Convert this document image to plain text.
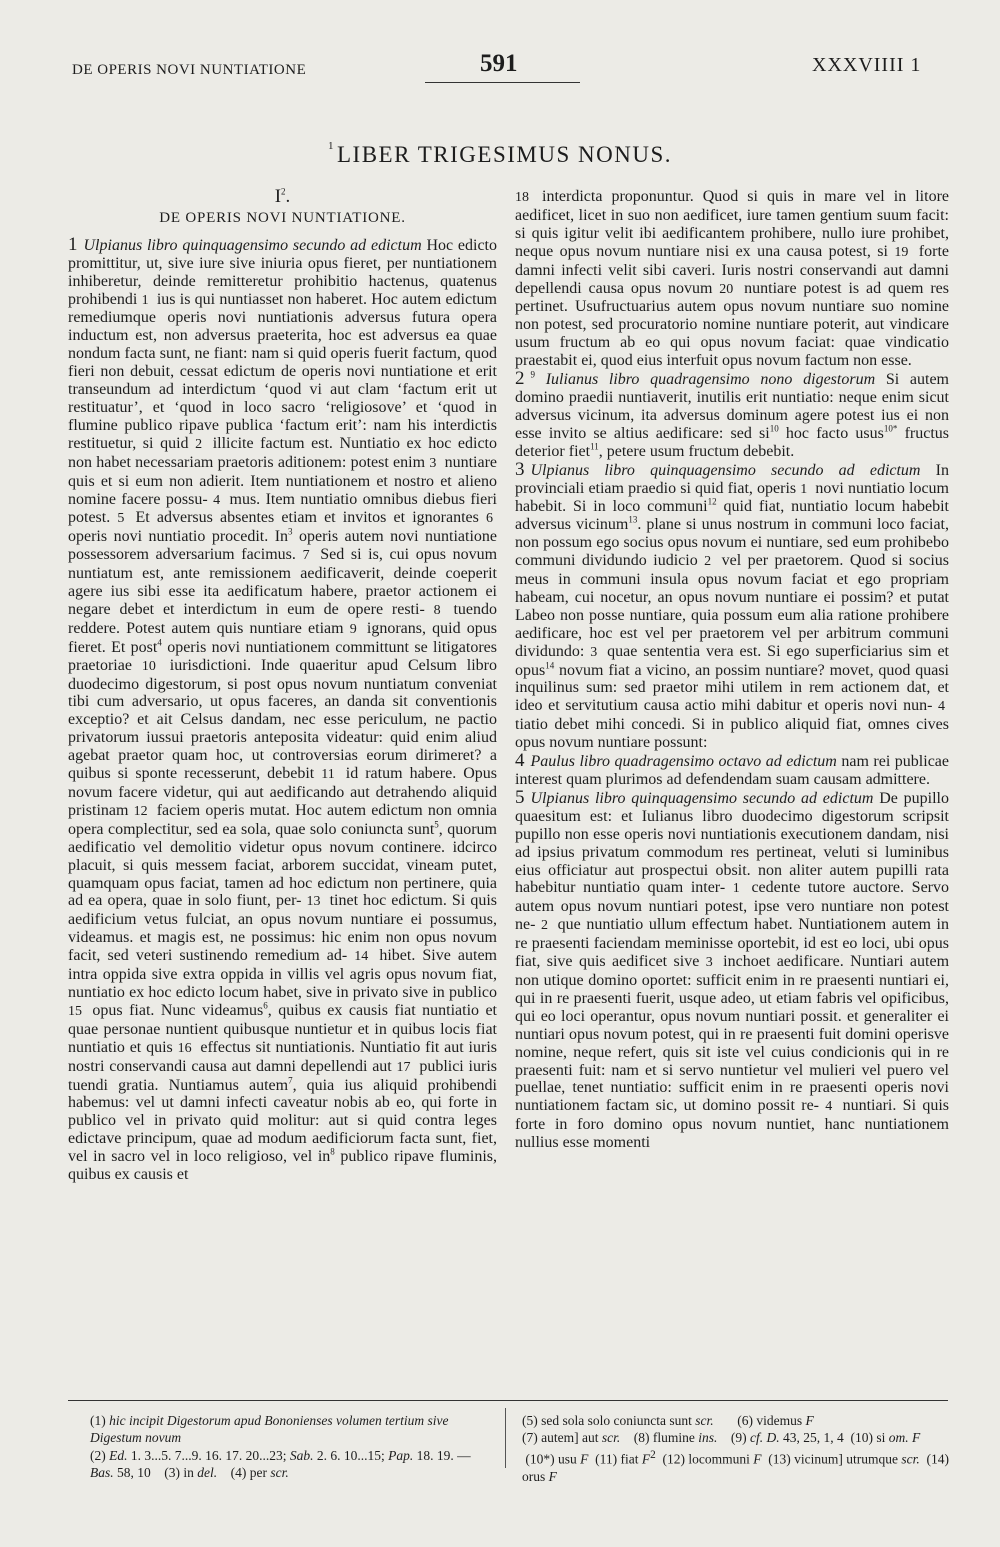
DE OPERIS NOVI NUNTIATIONE	591	XXXVIIII 1
$^1$LIBER TRIGESIMUS NONUS.
$I^2$.
DE OPERIS NOVI NUNTIATIONE.

1 Ulpianus libro quinquagensimo secundo ad edictum Hoc edicto promittitur, ut, sive iure sive iniuria opus fieret, per nuntiationem inhiberetur, deinde remitteretur prohibitio hactenus, quatenus prohibendi 1 ius is qui nuntiasset non haberet. Hoc autem edictum remediumque operis novi nuntiationis adversus futura opera inductum est, non adversus praeterita, hoc est adversus ea quae nondum facta sunt, ne fiant: nam si quid operis fuerit factum, quod fieri non debuit, cessat edictum de operis novi nuntiatione et erit transeundum ad interdictum ‘quod vi aut clam ‘factum erit ut restituatur’, et ‘quod in loco sacro ‘religiosove’ et ‘quod in flumine publico ripave publica ‘factum erit’: nam his interdictis restituetur, si quid 2 illicite factum est. Nuntiatio ex hoc edicto non habet necessariam praetoris aditionem: potest enim 3 nuntiare quis et si eum non adierit. Item nuntiationem et nostro et alieno nomine facere possu- 4 mus. Item nuntiatio omnibus diebus fieri potest. 5 Et adversus absentes etiam et invitos et ignorantes 6 operis novi nuntiatio procedit. In$^3$ operis autem novi nuntiatione possessorem adversarium facimus. 7 Sed si is, cui opus novum nuntiatum est, ante remissionem aedificaverit, deinde coeperit agere ius sibi esse ita aedificatum habere, praetor actionem ei negare debet et interdictum in eum de opere resti- 8 tuendo reddere. Potest autem quis nuntiare etiam 9 ignorans, quid opus fieret. Et post$^4$ operis novi nuntiationem committunt se litigatores praetoriae 10 iurisdictioni. Inde quaeritur apud Celsum libro duodecimo digestorum, si post opus novum nuntiatum conveniat tibi cum adversario, ut opus faceres, an danda sit conventionis exceptio? et ait Celsus dandam, nec esse periculum, ne pactio privatorum iussui praetoris anteposita videatur: quid enim aliud agebat praetor quam hoc, ut controversias eorum dirimeret? a quibus si sponte recesserunt, debebit 11 id ratum habere. Opus novum facere videtur, qui aut aedificando aut detrahendo aliquid pristinam 12 faciem operis mutat. Hoc autem edictum non omnia opera complectitur, sed ea sola, quae solo coniuncta sunt$^5$, quorum aedificatio vel demolitio videtur opus novum continere. idcirco placuit, si quis messem faciat, arborem succidat, vineam putet, quamquam opus faciat, tamen ad hoc edictum non pertinere, quia ad ea opera, quae in solo fiunt, per- 13 tinet hoc edictum. Si quis aedificium vetus fulciat, an opus novum nuntiare ei possumus, videamus. et magis est, ne possimus: hic enim non opus novum facit, sed veteri sustinendo remedium ad- 14 hibet. Sive autem intra oppida sive extra oppida in villis vel agris opus novum fiat, nuntiatio ex hoc edicto locum habet, sive in privato sive in publico 15 opus fiat. Nunc videamus$^6$, quibus ex causis fiat nuntiatio et quae personae nuntient quibusque nuntietur et in quibus locis fiat nuntiatio et quis 16 effectus sit nuntiationis. Nuntiatio fit aut iuris nostri conservandi causa aut damni depellendi aut 17 publici iuris tuendi gratia. Nuntiamus autem$^7$, quia ius aliquid prohibendi habemus: vel ut damni infecti caveatur nobis ab eo, qui forte in publico vel in privato quid molitur: aut si quid contra leges edictave principum, quae ad modum aedificiorum facta sunt, fiet, vel in sacro vel in loco religioso, vel $in^8$ publico ripave fluminis, quibus ex causis et

18 interdicta proponuntur. Quod si quis in mare vel in litore aedificet, licet in suo non aedificet, iure tamen gentium suum facit: si quis igitur velit ibi aedificantem prohibere, nullo iure prohibet, neque opus novum nuntiare nisi ex una causa potest, si 19 forte damni infecti velit sibi caveri. Iuris nostri conservandi aut damni depellendi causa opus novum 20 nuntiare potest is ad quem res pertinet. Usufructuarius autem opus novum nuntiare suo nomine non potest, sed procuratorio nomine nuntiare poterit, aut vindicare usum fructum ab eo qui opus novum faciat: quae vindicatio praestabit ei, quod eius interfuit opus novum factum non esse.

2 $^9$ Iulianus libro quadragensimo nono digestorum Si autem domino praedii nuntiaverit, inutilis erit nuntiatio: neque enim sicut adversus vicinum, ita adversus dominum agere potest ius ei non esse invito se altius aedificare: sed $si^{10}$ hoc facto usus$^{10*}$ fructus deterior fiet$^{11}$, petere usum fructum debebit.

3 Ulpianus libro quinquagensimo secundo ad edictum In provinciali etiam praedio si quid fiat, operis 1 novi nuntiatio locum habebit. Si in loco communi$^{12}$ quid fiat, nuntiatio locum habebit adversus vicinum$^{13}$. plane si unus nostrum in communi loco faciat, non possum ego socius opus novum ei nuntiare, sed eum prohibebo communi dividundo iudicio 2 vel per praetorem. Quod si socius meus in communi insula opus novum faciat et ego propriam habeam, cui nocetur, an opus novum nuntiare ei possim? et putat Labeo non posse nuntiare, quia possum eum alia ratione prohibere aedificare, hoc est vel per praetorem vel per arbitrum communi dividundo: 3 quae sententia vera est. Si ego superficiarius sim et opus$^{14}$ novum fiat a vicino, an possim nuntiare? movet, quod quasi inquilinus sum: sed praetor mihi utilem in rem actionem dat, et ideo et servitutium causa actio mihi dabitur et operis novi nun- 4 tiatio debet mihi concedi. Si in publico aliquid fiat, omnes cives opus novum nuntiare possunt:

4 Paulus libro quadragensimo octavo ad edictum nam rei publicae interest quam plurimos ad defendendam suam causam admittere.

5 Ulpianus libro quinquagensimo secundo ad edictum De pupillo quaesitum est: et Iulianus libro duodecimo digestorum scripsit pupillo non esse operis novi nuntiationis executionem dandam, nisi ad ipsius privatum commodum res pertineat, veluti si luminibus eius officiatur aut prospectui obsit. non aliter autem pupilli rata habebitur nuntiatio quam inter- 1 cedente tutore auctore. Servo autem opus novum nuntiari potest, ipse vero nuntiare non potest ne- 2 que nuntiatio ullum effectum habet. Nuntiationem autem in re praesenti faciendam meminisse oportebit, id est eo loci, ubi opus fiat, sive quis aedificet sive 3 inchoet aedificare. Nuntiari autem non utique domino oportet: sufficit enim in re praesenti nuntiari ei, qui in re praesenti fuerit, usque adeo, ut etiam fabris vel opificibus, qui eo loci operantur, opus novum nuntiari possit. et generaliter ei nuntiari opus novum potest, qui in re praesenti fuit domini operisve nomine, neque refert, quis sit iste vel cuius condicionis qui in re praesenti fuit: nam et si servo nuntietur vel mulieri vel puero vel puellae, tenet nuntiatio: sufficit enim in re praesenti operis novi nuntiationem factam sic, ut domino possit re- 4 nuntiari. Si quis forte in foro domino opus novum nuntiet, hanc nuntiationem nullius esse momenti

(1) hic incipit Digestorum apud Bononienses volumen tertium sive Digestum novum

(2) Ed. 1. 3...5. 7...9. 16. 17. 20...23; Sab. 2. 6. 10...15; Pap. 18. 19. — Bas. 58, 10    (3) in del.    (4) per scr.

(5) sed sola solo coniuncta sunt scr.       (6) videmus F

(7) autem] aut scr.    (8) flumine ins.    (9) cf. D. 43, 25, 1, 4  (10) si om. F  (10*) usu F  (11) fiat $F^2$  (12) locommuni F  (13) vicinum] utrumque scr.  (14) orus F
